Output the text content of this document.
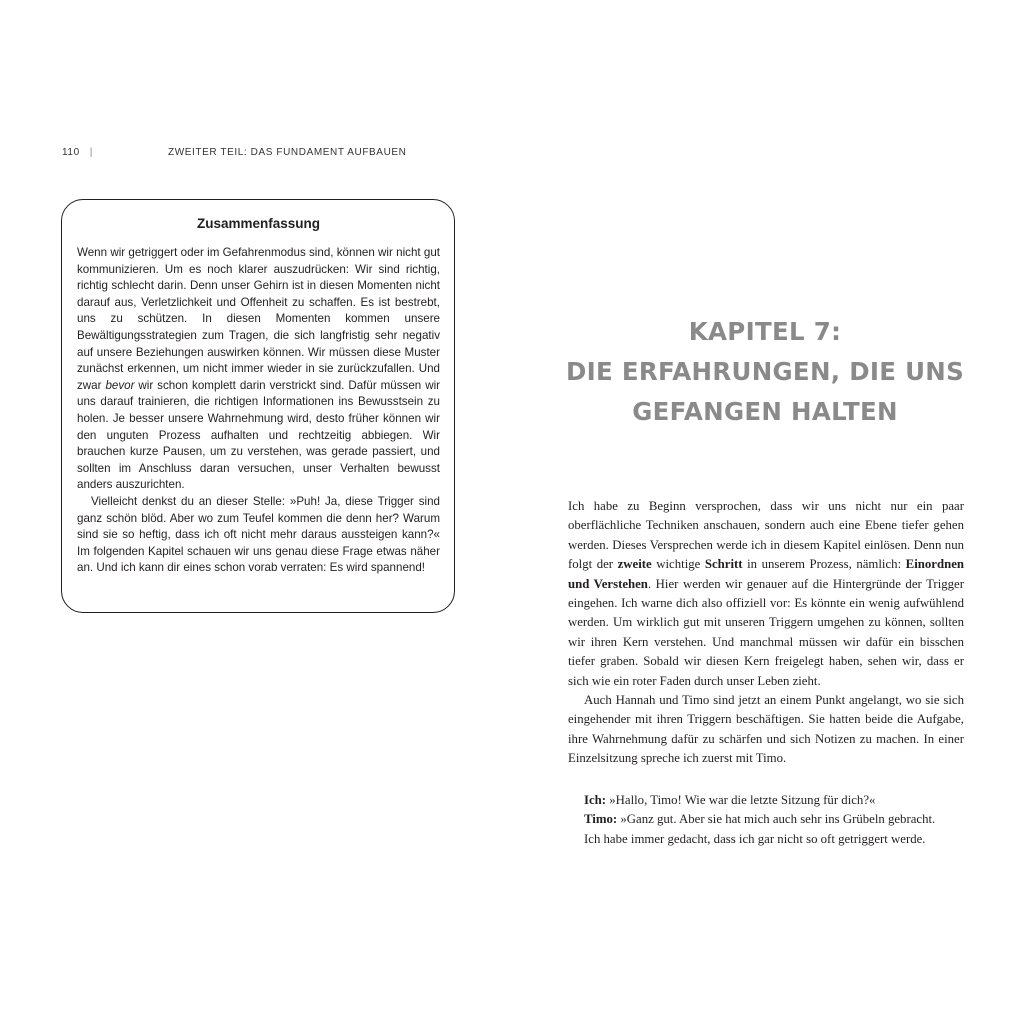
110 |	ZWEITER TEIL: DAS FUNDAMENT AUFBAUEN
Zusammenfassung

Wenn wir getriggert oder im Gefahrenmodus sind, können wir nicht gut kommunizieren. Um es noch klarer auszudrücken: Wir sind richtig, richtig schlecht darin. Denn unser Gehirn ist in diesen Momenten nicht darauf aus, Verletzlichkeit und Offenheit zu schaffen. Es ist bestrebt, uns zu schützen. In diesen Momenten kommen unsere Bewältigungsstrategien zum Tragen, die sich langfristig sehr negativ auf unsere Beziehungen auswirken können. Wir müssen diese Muster zunächst erkennen, um nicht immer wieder in sie zurückzufallen. Und zwar bevor wir schon komplett darin verstrickt sind. Dafür müssen wir uns darauf trainieren, die richtigen Informationen ins Bewusstsein zu holen. Je besser unsere Wahrnehmung wird, desto früher können wir den unguten Prozess aufhalten und rechtzeitig abbiegen. Wir brauchen kurze Pausen, um zu verstehen, was gerade passiert, und sollten im Anschluss daran versuchen, unser Verhalten bewusst anders auszurichten.

Vielleicht denkst du an dieser Stelle: »Puh! Ja, diese Trigger sind ganz schön blöd. Aber wo zum Teufel kommen die denn her? Warum sind sie so heftig, dass ich oft nicht mehr daraus aussteigen kann?« Im folgenden Kapitel schauen wir uns genau diese Frage etwas näher an. Und ich kann dir eines schon vorab verraten: Es wird spannend!

KAPITEL 7:
DIE ERFAHRUNGEN, DIE UNS
GEFANGEN HALTEN

Ich habe zu Beginn versprochen, dass wir uns nicht nur ein paar oberflächliche Techniken anschauen, sondern auch eine Ebene tiefer gehen werden. Dieses Versprechen werde ich in diesem Kapitel einlösen. Denn nun folgt der zweite wichtige Schritt in unserem Prozess, nämlich: Einordnen und Verstehen. Hier werden wir genauer auf die Hintergründe der Trigger eingehen. Ich warne dich also offiziell vor: Es könnte ein wenig aufwühlend werden. Um wirklich gut mit unseren Triggern umgehen zu können, sollten wir ihren Kern verstehen. Und manchmal müssen wir dafür ein bisschen tiefer graben. Sobald wir diesen Kern freigelegt haben, sehen wir, dass er sich wie ein roter Faden durch unser Leben zieht.

Auch Hannah und Timo sind jetzt an einem Punkt angelangt, wo sie sich eingehender mit ihren Triggern beschäftigen. Sie hatten beide die Aufgabe, ihre Wahrnehmung dafür zu schärfen und sich Notizen zu machen. In einer Einzelsitzung spreche ich zuerst mit Timo.

Ich: »Hallo, Timo! Wie war die letzte Sitzung für dich?«
Timo: »Ganz gut. Aber sie hat mich auch sehr ins Grübeln gebracht.
Ich habe immer gedacht, dass ich gar nicht so oft getriggert werde.
